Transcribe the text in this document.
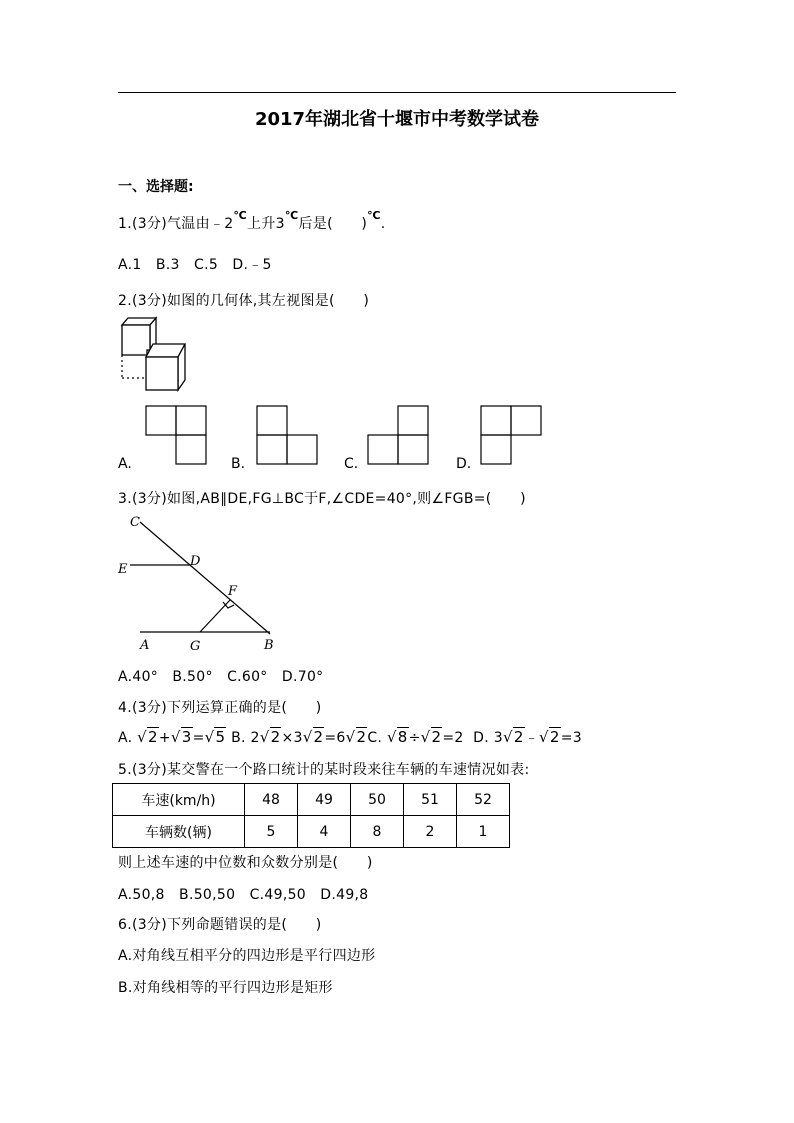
2017年湖北省十堰市中考数学试卷
一、选择题:
1.(3分)气温由﹣2℃上升3℃后是( )℃.
A.1　B.3　C.5　D.﹣5
2.(3分)如图的几何体,其左视图是(　　)
A.	B.	C.	D.
3.(3分)如图,AB∥DE,FG⊥BC于F,∠CDE=40°,则∠FGB=(　　)
C
D
E
F
A	G	B
A.40°　B.50°　C.60°　D.70°
4.(3分)下列运算正确的是(　　)
A. √2+√3=√5 B. 2√2×3√2=6√2C. √8÷√2=2 D. 3√2﹣√2=3
5.(3分)某交警在一个路口统计的某时段来往车辆的车速情况如表:
车速(km/h)	48	49	50	51	52
车辆数(辆)	5	4	8	2	1
则上述车速的中位数和众数分别是(　　)
A.50,8　B.50,50　C.49,50　D.49,8
6.(3分)下列命题错误的是(　　)
A.对角线互相平分的四边形是平行四边形
B.对角线相等的平行四边形是矩形
